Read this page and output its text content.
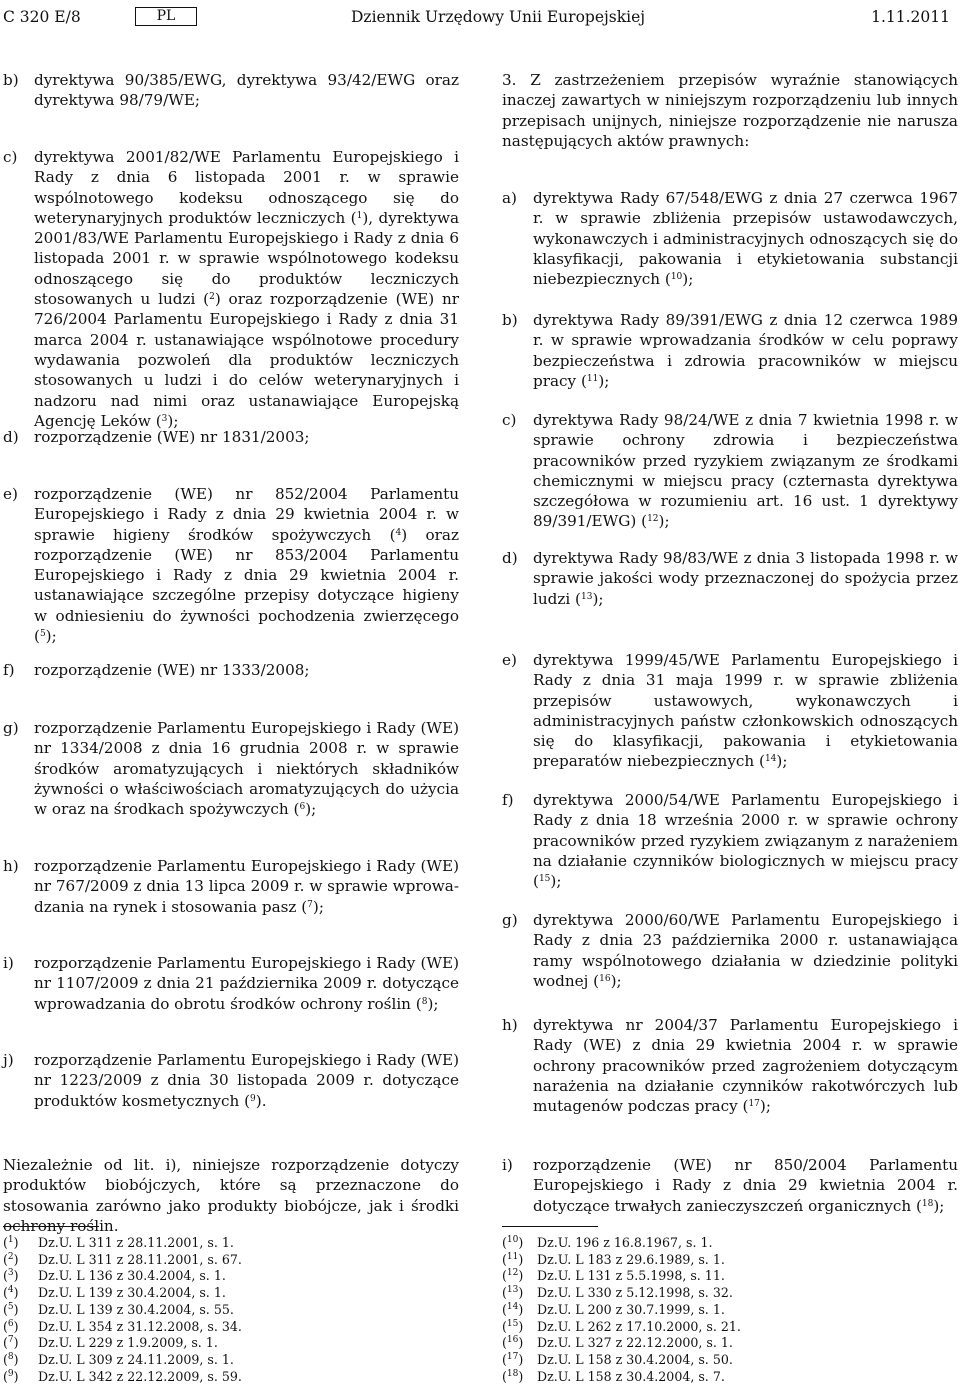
C 320 E/8	PL	Dziennik Urzędowy Unii Europejskiej	1.11.2011
b) dyrektywa 90/385/EWG, dyrektywa 93/42/EWG oraz dyrektywa 98/79/WE;
c) dyrektywa 2001/82/WE Parlamentu Europejskiego i Rady z dnia 6 listopada 2001 r. w sprawie wspólnotowego kodeksu odnoszącego się do weterynaryjnych produktów leczniczych ($^1$), dyrektywa 2001/83/WE Parlamentu Europejskiego i Rady z dnia 6 listopada 2001 r. w sprawie wspólnotowego kodeksu odnoszącego się do produktów leczniczych stosowanych u ludzi ($^2$) oraz rozporządzenie (WE) nr 726/2004 Parlamentu Europejskiego i Rady z dnia 31 marca 2004 r. ustanawiające wspólnotowe procedury wydawania pozwoleń dla produktów leczniczych stosowanych u ludzi i do celów weterynaryjnych i nadzoru nad nimi oraz ustanawiające Europejską Agencję Leków ($^3$);
d) rozporządzenie (WE) nr 1831/2003;
e) rozporządzenie (WE) nr 852/2004 Parlamentu Europejskiego i Rady z dnia 29 kwietnia 2004 r. w sprawie higieny środków spożywczych ($^4$) oraz rozporządzenie (WE) nr 853/2004 Parlamentu Europejskiego i Rady z dnia 29 kwietnia 2004 r. ustanawiające szczególne przepisy dotyczące higieny w odniesieniu do żywności pochodzenia zwierzęcego ($^5$);
f) rozporządzenie (WE) nr 1333/2008;
g) rozporządzenie Parlamentu Europejskiego i Rady (WE) nr 1334/2008 z dnia 16 grudnia 2008 r. w sprawie środków aromatyzujących i niektórych składników żywności o właściwościach aromatyzujących do użycia w oraz na środkach spożywczych ($^6$);
h) rozporządzenie Parlamentu Europejskiego i Rady (WE) nr 767/2009 z dnia 13 lipca 2009 r. w sprawie wprowadzania na rynek i stosowania pasz ($^7$);
i) rozporządzenie Parlamentu Europejskiego i Rady (WE) nr 1107/2009 z dnia 21 października 2009 r. dotyczące wprowadzania do obrotu środków ochrony roślin ($^8$);
j) rozporządzenie Parlamentu Europejskiego i Rady (WE) nr 1223/2009 z dnia 30 listopada 2009 r. dotyczące produktów kosmetycznych ($^9$).
Niezależnie od lit. i), niniejsze rozporządzenie dotyczy produktów biobójczych, które są przeznaczone do stosowania zarówno jako produkty biobójcze, jak i środki ochrony roślin.
3. Z zastrzeżeniem przepisów wyraźnie stanowiących inaczej zawartych w niniejszym rozporządzeniu lub innych przepisach unijnych, niniejsze rozporządzenie nie narusza następujących aktów prawnych:
a) dyrektywa Rady 67/548/EWG z dnia 27 czerwca 1967 r. w sprawie zbliżenia przepisów ustawodawczych, wykonawczych i administracyjnych odnoszących się do klasyfikacji, pakowania i etykietowania substancji niebezpiecznych ($^{10}$);
b) dyrektywa Rady 89/391/EWG z dnia 12 czerwca 1989 r. w sprawie wprowadzania środków w celu poprawy bezpieczeństwa i zdrowia pracowników w miejscu pracy ($^{11}$);
c) dyrektywa Rady 98/24/WE z dnia 7 kwietnia 1998 r. w sprawie ochrony zdrowia i bezpieczeństwa pracowników przed ryzykiem związanym ze środkami chemicznymi w miejscu pracy (czternasta dyrektywa szczegółowa w rozumieniu art. 16 ust. 1 dyrektywy 89/391/EWG) ($^{12}$);
d) dyrektywa Rady 98/83/WE z dnia 3 listopada 1998 r. w sprawie jakości wody przeznaczonej do spożycia przez ludzi ($^{13}$);
e) dyrektywa 1999/45/WE Parlamentu Europejskiego i Rady z dnia 31 maja 1999 r. w sprawie zbliżenia przepisów ustawowych, wykonawczych i administracyjnych państw członkowskich odnoszących się do klasyfikacji, pakowania i etykietowania preparatów niebezpiecznych ($^{14}$);
f) dyrektywa 2000/54/WE Parlamentu Europejskiego i Rady z dnia 18 września 2000 r. w sprawie ochrony pracowników przed ryzykiem związanym z narażeniem na działanie czynników biologicznych w miejscu pracy ($^{15}$);
g) dyrektywa 2000/60/WE Parlamentu Europejskiego i Rady z dnia 23 października 2000 r. ustanawiająca ramy wspólnotowego działania w dziedzinie polityki wodnej ($^{16}$);
h) dyrektywa nr 2004/37 Parlamentu Europejskiego i Rady (WE) z dnia 29 kwietnia 2004 r. w sprawie ochrony pracowników przed zagrożeniem dotyczącym narażenia na działanie czynników rakotwórczych lub mutagenów podczas pracy ($^{17}$);
i) rozporządzenie (WE) nr 850/2004 Parlamentu Europejskiego i Rady z dnia 29 kwietnia 2004 r. dotyczące trwałych zanieczyszczeń organicznych ($^{18}$);
($^1$)	Dz.U. L 311 z 28.11.2001, s. 1.
($^2$)	Dz.U. L 311 z 28.11.2001, s. 67.
($^3$)	Dz.U. L 136 z 30.4.2004, s. 1.
($^4$)	Dz.U. L 139 z 30.4.2004, s. 1.
($^5$)	Dz.U. L 139 z 30.4.2004, s. 55.
($^6$)	Dz.U. L 354 z 31.12.2008, s. 34.
($^7$)	Dz.U. L 229 z 1.9.2009, s. 1.
($^8$)	Dz.U. L 309 z 24.11.2009, s. 1.
($^9$)	Dz.U. L 342 z 22.12.2009, s. 59.
($^{10}$)	Dz.U. 196 z 16.8.1967, s. 1.
($^{11}$)	Dz.U. L 183 z 29.6.1989, s. 1.
($^{12}$)	Dz.U. L 131 z 5.5.1998, s. 11.
($^{13}$)	Dz.U. L 330 z 5.12.1998, s. 32.
($^{14}$)	Dz.U. L 200 z 30.7.1999, s. 1.
($^{15}$)	Dz.U. L 262 z 17.10.2000, s. 21.
($^{16}$)	Dz.U. L 327 z 22.12.2000, s. 1.
($^{17}$)	Dz.U. L 158 z 30.4.2004, s. 50.
($^{18}$)	Dz.U. L 158 z 30.4.2004, s. 7.
